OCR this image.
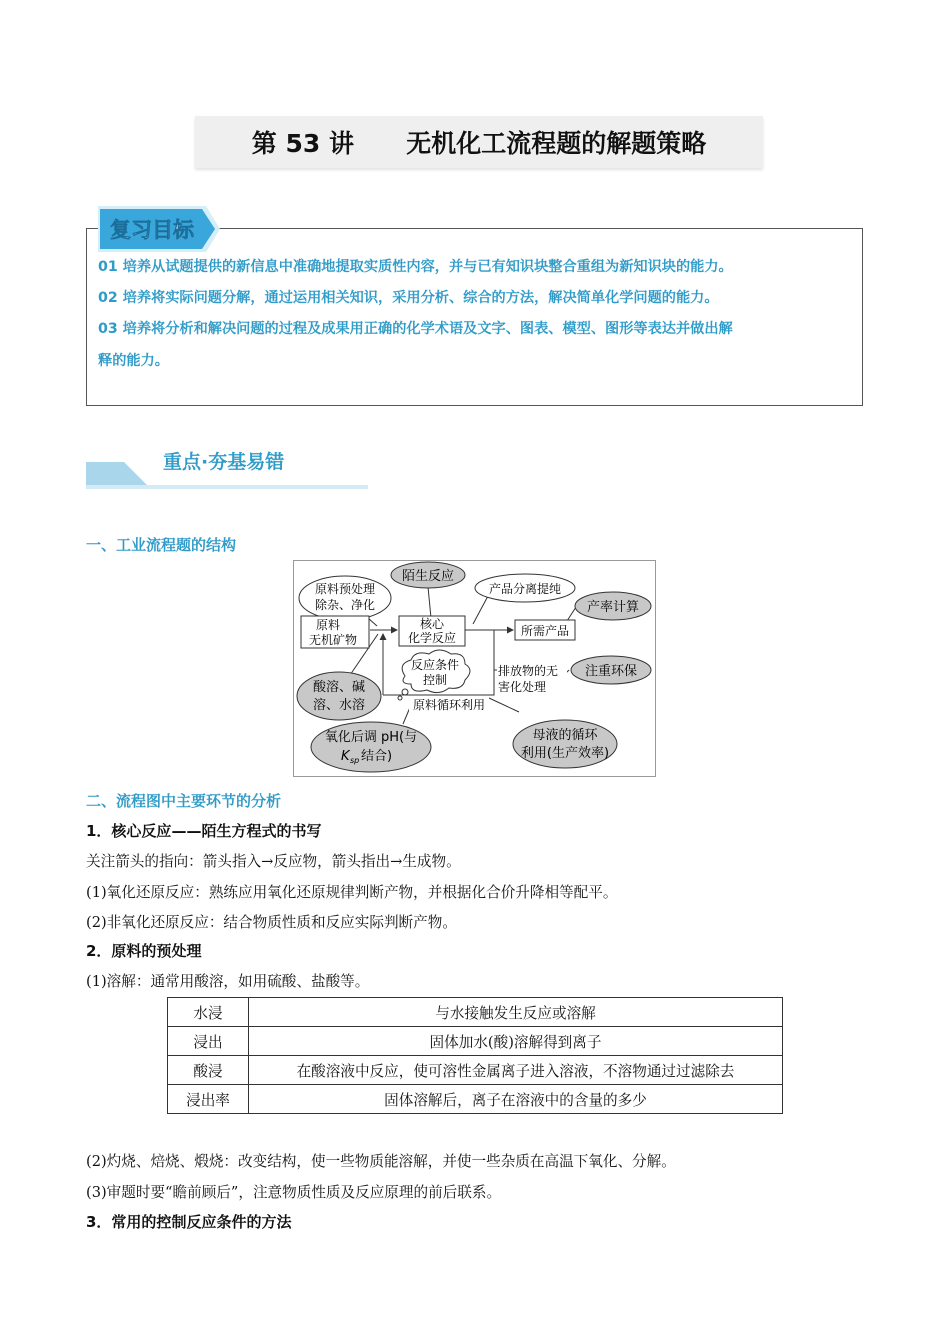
第 53 讲      无机化工流程题的解题策略
复习目标
01 培养从试题提供的新信息中准确地提取实质性内容，并与已有知识块整合重组为新知识块的能力。
02 培养将实际问题分解，通过运用相关知识，采用分析、综合的方法，解决简单化学问题的能力。
03 培养将分析和解决问题的过程及成果用正确的化学术语及文字、图表、模型、图形等表达并做出解
释的能力。
重点·夯基易错
一、工业流程题的结构
原料预处理
除杂、净化
原料
无机矿物
陌生反应
核心
化学反应
产品分离提纯
产率计算
所需产品
反应条件
控制
排放物的无
害化处理
注重环保
酸溶、碱
溶、水溶	原料循环利用
母液的循环
利用(生产效率)
氧化后调 pH(与
K sp 结合)
二、流程图中主要环节的分析
1．核心反应——陌生方程式的书写
关注箭头的指向：箭头指入→反应物，箭头指出→生成物。
(1)氧化还原反应：熟练应用氧化还原规律判断产物，并根据化合价升降相等配平。
(2)非氧化还原反应：结合物质性质和反应实际判断产物。
2．原料的预处理
(1)溶解：通常用酸溶，如用硫酸、盐酸等。
水浸	与水接触发生反应或溶解
浸出	固体加水(酸)溶解得到离子
酸浸	在酸溶液中反应，使可溶性金属离子进入溶液，不溶物通过过滤除去
浸出率	固体溶解后，离子在溶液中的含量的多少
(2)灼烧、焙烧、煅烧：改变结构，使一些物质能溶解，并使一些杂质在高温下氧化、分解。
(3)审题时要“瞻前顾后”，注意物质性质及反应原理的前后联系。
3．常用的控制反应条件的方法
